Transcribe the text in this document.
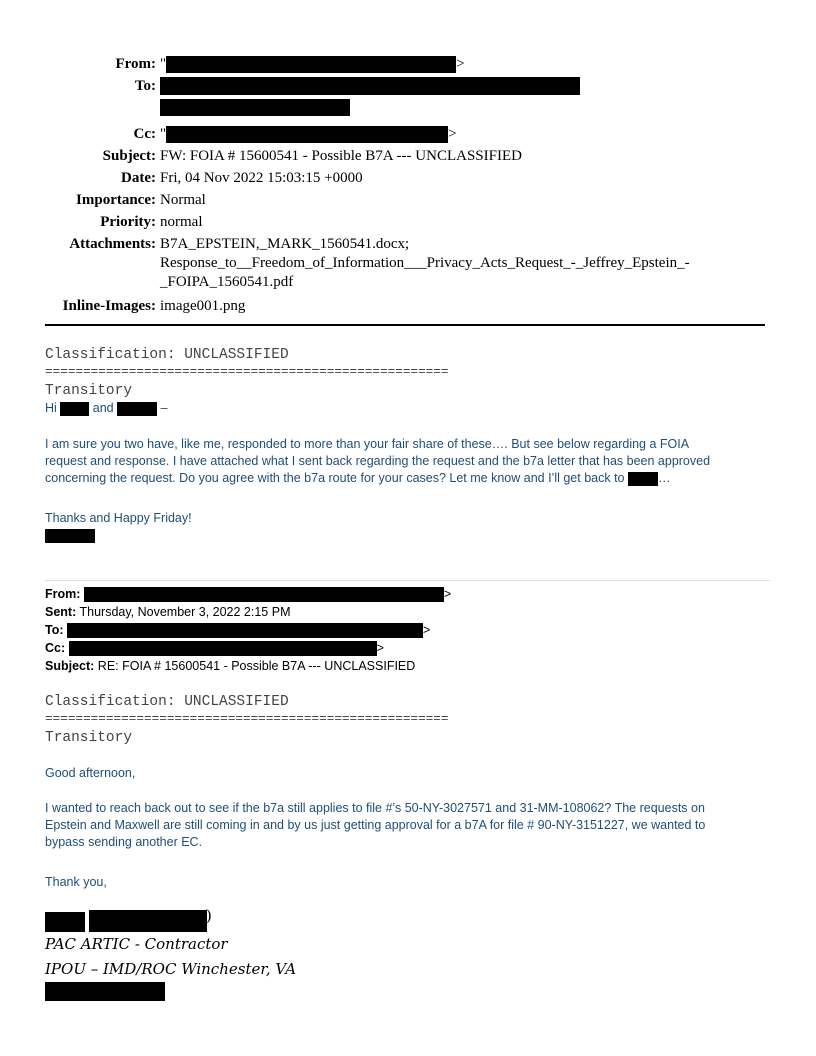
From: "	>
To:
Cc: "	>
Subject: FW: FOIA # 15600541 - Possible B7A --- UNCLASSIFIED
Date: Fri, 04 Nov 2022 15:03:15 +0000
Importance: Normal
Priority: normal
Attachments: B7A_EPSTEIN,_MARK_1560541.docx;
Response_to__Freedom_of_Information___Privacy_Acts_Request_-_Jeffrey_Epstein_-
_FOIPA_1560541.pdf
Inline-Images: image001.png
Classification: UNCLASSIFIED
=====================================================
Transitory
Hi	and	–
I am sure you two have, like me, responded to more than your fair share of these…. But see below regarding a FOIA
request and response. I have attached what I sent back regarding the request and the b7a letter that has been approved
concerning the request. Do you agree with the b7a route for your cases? Let me know and I’ll get back to	…
Thanks and Happy Friday!
From:	>
Sent: Thursday, November 3, 2022 2:15 PM
To:	>
Cc:	>
Subject: RE: FOIA # 15600541 - Possible B7A --- UNCLASSIFIED
Classification: UNCLASSIFIED
=====================================================
Transitory
Good afternoon,
I wanted to reach back out to see if the b7a still applies to file #’s 50-NY-3027571 and 31-MM-108062? The requests on
Epstein and Maxwell are still coming in and by us just getting approval for a b7A for file # 90-NY-3151227, we wanted to
bypass sending another EC.
Thank you,
)
PAC ARTIC - Contractor
IPOU – IMD/ROC Winchester, VA
